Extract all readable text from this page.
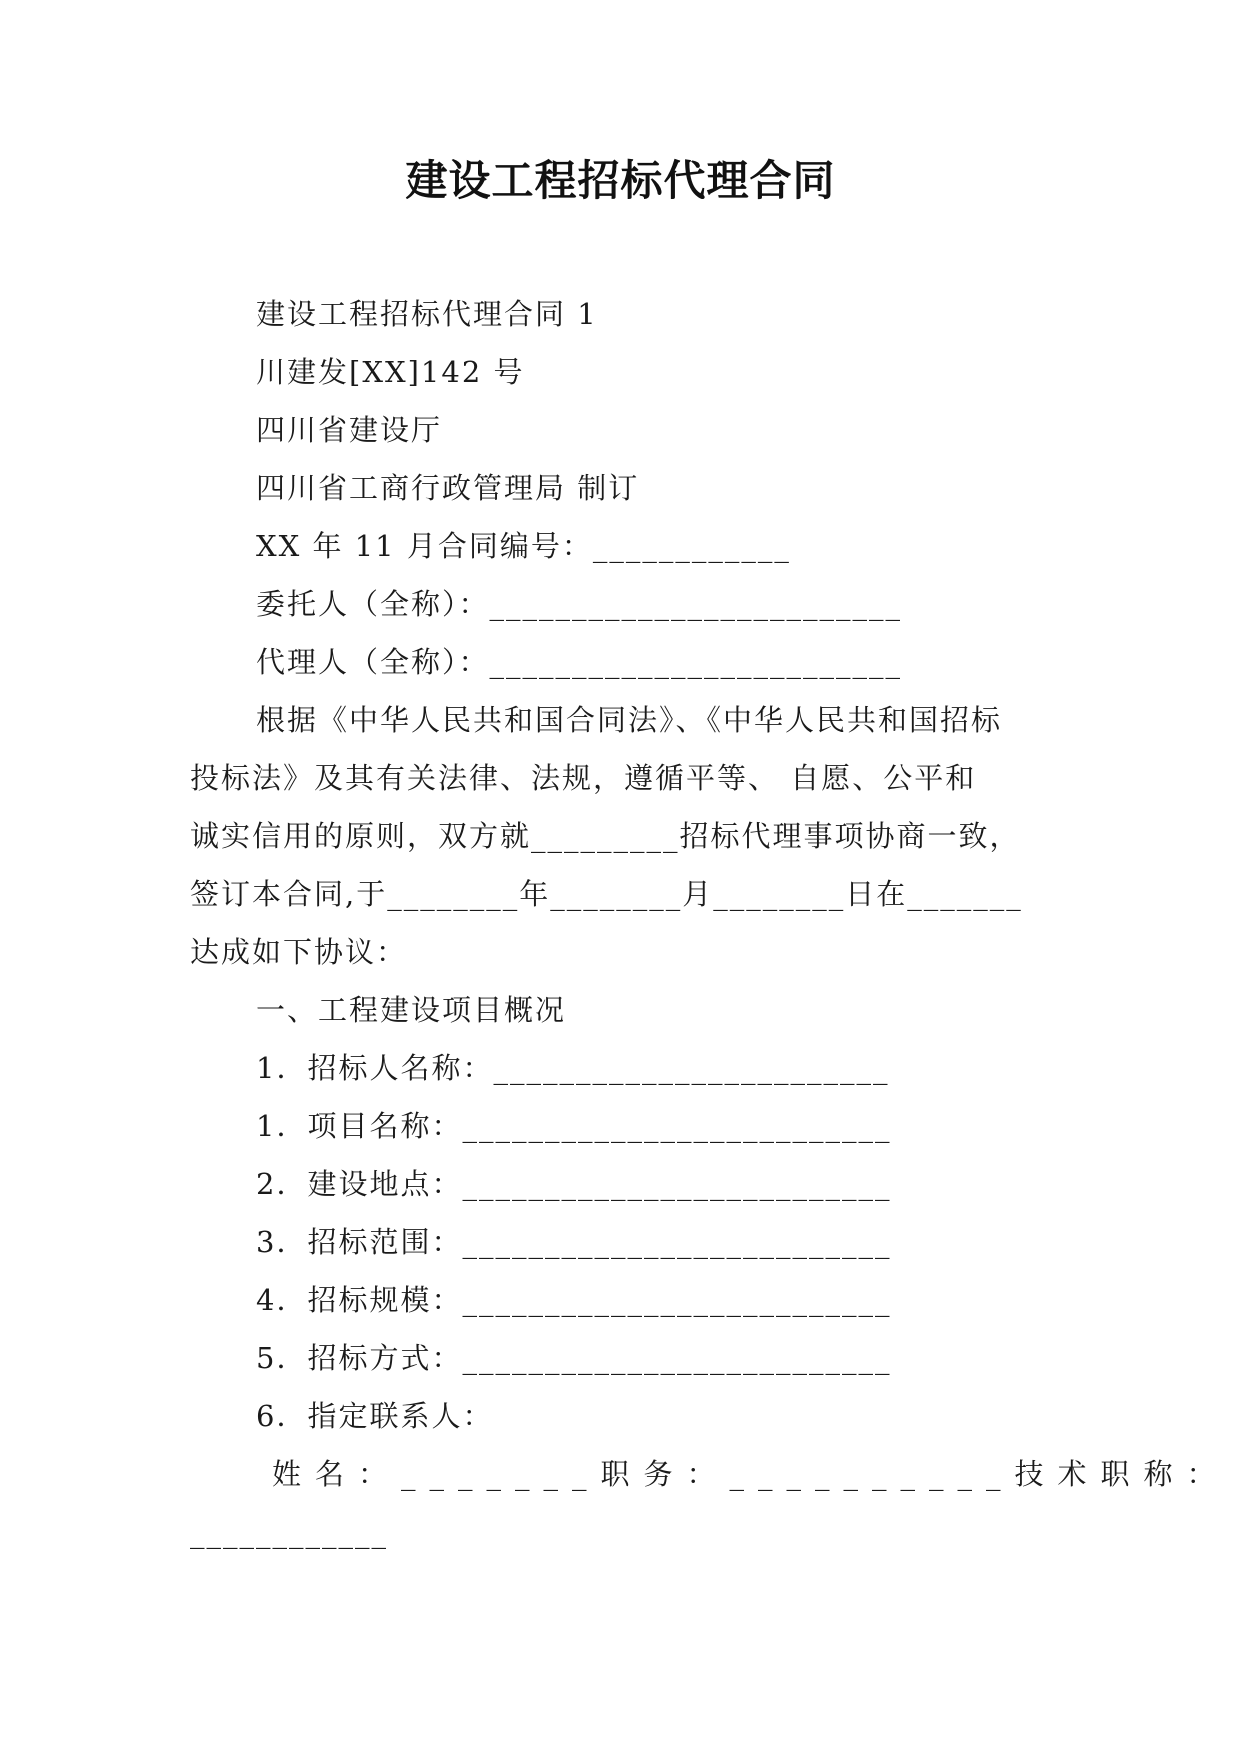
建设工程招标代理合同
建设工程招标代理合同 1
川建发[XX]142 号
四川省建设厅
四川省工商行政管理局 制订
XX 年 11 月合同编号：____________
委托人（全称）：_________________________
代理人（全称）：_________________________
根据《中华人民共和国合同法》、《中华人民共和国招标
投标法》及其有关法律、法规，遵循平等、 自愿、公平和
诚实信用的原则，双方就_________招标代理事项协商一致，
签订本合同,于________年________月________日在_______
达成如下协议：
一、工程建设项目概况
1．招标人名称：________________________
1．项目名称：__________________________
2．建设地点：__________________________
3．招标范围：__________________________
4．招标规模：__________________________
5．招标方式：__________________________
6．指定联系人：
姓名：_______职务：__________技术职称：
____________
